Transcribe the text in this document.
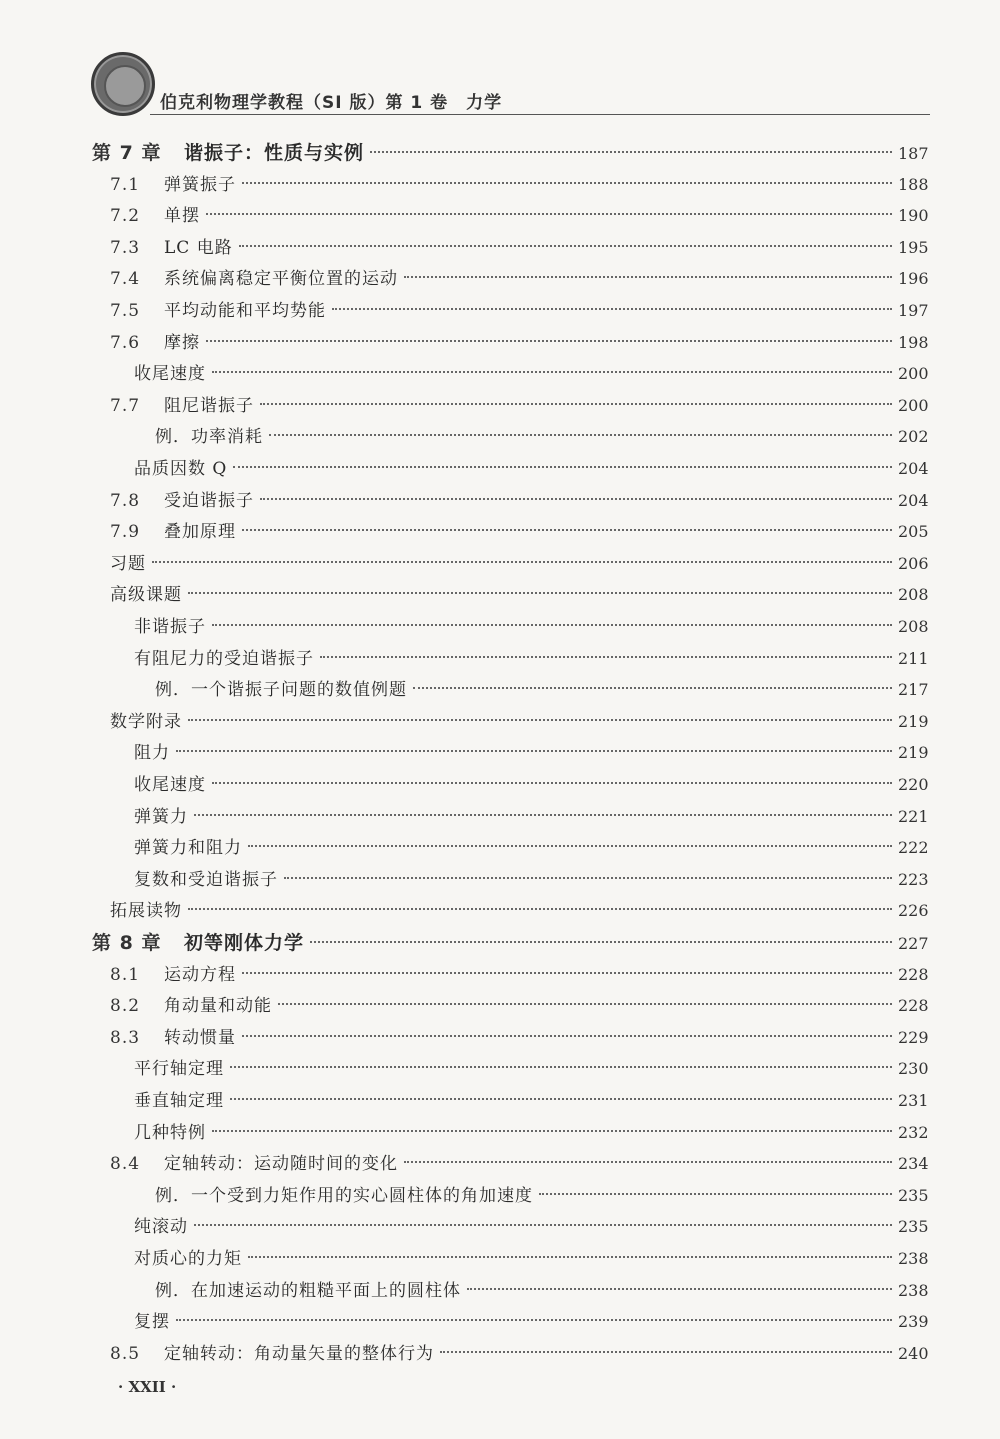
伯克利物理学教程（SI 版）第 1 卷　力学
第 7 章	谐振子：性质与实例	187
7.1	弹簧振子	188
7.2	单摆	190
7.3	LC 电路	195
7.4	系统偏离稳定平衡位置的运动	196
7.5	平均动能和平均势能	197
7.6	摩擦	198
收尾速度	200
7.7	阻尼谐振子	200
例．功率消耗	202
品质因数 Q	204
7.8	受迫谐振子	204
7.9	叠加原理	205
习题	206
高级课题	208
非谐振子	208
有阻尼力的受迫谐振子	211
例．一个谐振子问题的数值例题	217
数学附录	219
阻力	219
收尾速度	220
弹簧力	221
弹簧力和阻力	222
复数和受迫谐振子	223
拓展读物	226
第 8 章	初等刚体力学	227
8.1	运动方程	228
8.2	角动量和动能	228
8.3	转动惯量	229
平行轴定理	230
垂直轴定理	231
几种特例	232
8.4	定轴转动：运动随时间的变化	234
例．一个受到力矩作用的实心圆柱体的角加速度	235
纯滚动	235
对质心的力矩	238
例．在加速运动的粗糙平面上的圆柱体	238
复摆	239
8.5	定轴转动：角动量矢量的整体行为	240
· XXII ·
